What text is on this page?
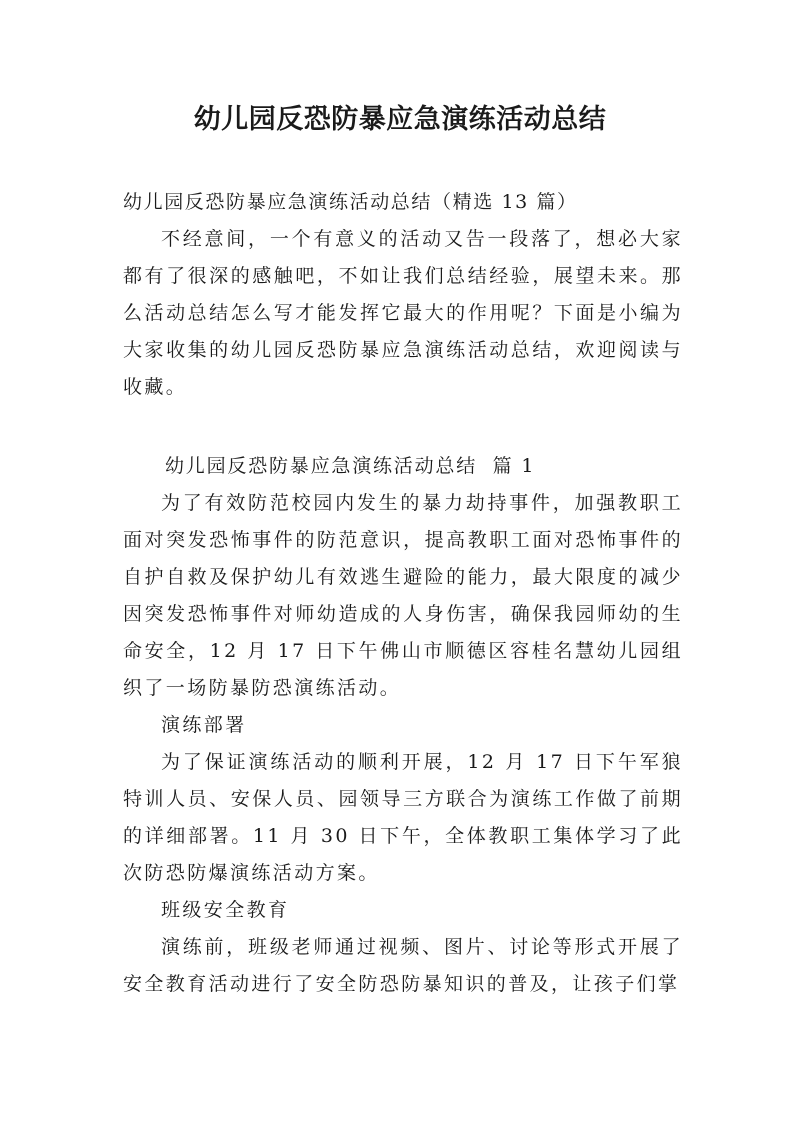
幼儿园反恐防暴应急演练活动总结

幼儿园反恐防暴应急演练活动总结（精选 13 篇）

不经意间，一个有意义的活动又告一段落了，想必大家都有了很深的感触吧，不如让我们总结经验，展望未来。那么活动总结怎么写才能发挥它最大的作用呢？下面是小编为大家收集的幼儿园反恐防暴应急演练活动总结，欢迎阅读与收藏。

幼儿园反恐防暴应急演练活动总结  篇 1

为了有效防范校园内发生的暴力劫持事件，加强教职工面对突发恐怖事件的防范意识，提高教职工面对恐怖事件的自护自救及保护幼儿有效逃生避险的能力，最大限度的减少因突发恐怖事件对师幼造成的人身伤害，确保我园师幼的生命安全，12 月 17 日下午佛山市顺德区容桂名慧幼儿园组织了一场防暴防恐演练活动。

演练部署

为了保证演练活动的顺利开展，12 月 17 日下午军狼特训人员、安保人员、园领导三方联合为演练工作做了前期的详细部署。11 月 30 日下午，全体教职工集体学习了此次防恐防爆演练活动方案。

班级安全教育

演练前，班级老师通过视频、图片、讨论等形式开展了安全教育活动进行了安全防恐防暴知识的普及，让孩子们掌
